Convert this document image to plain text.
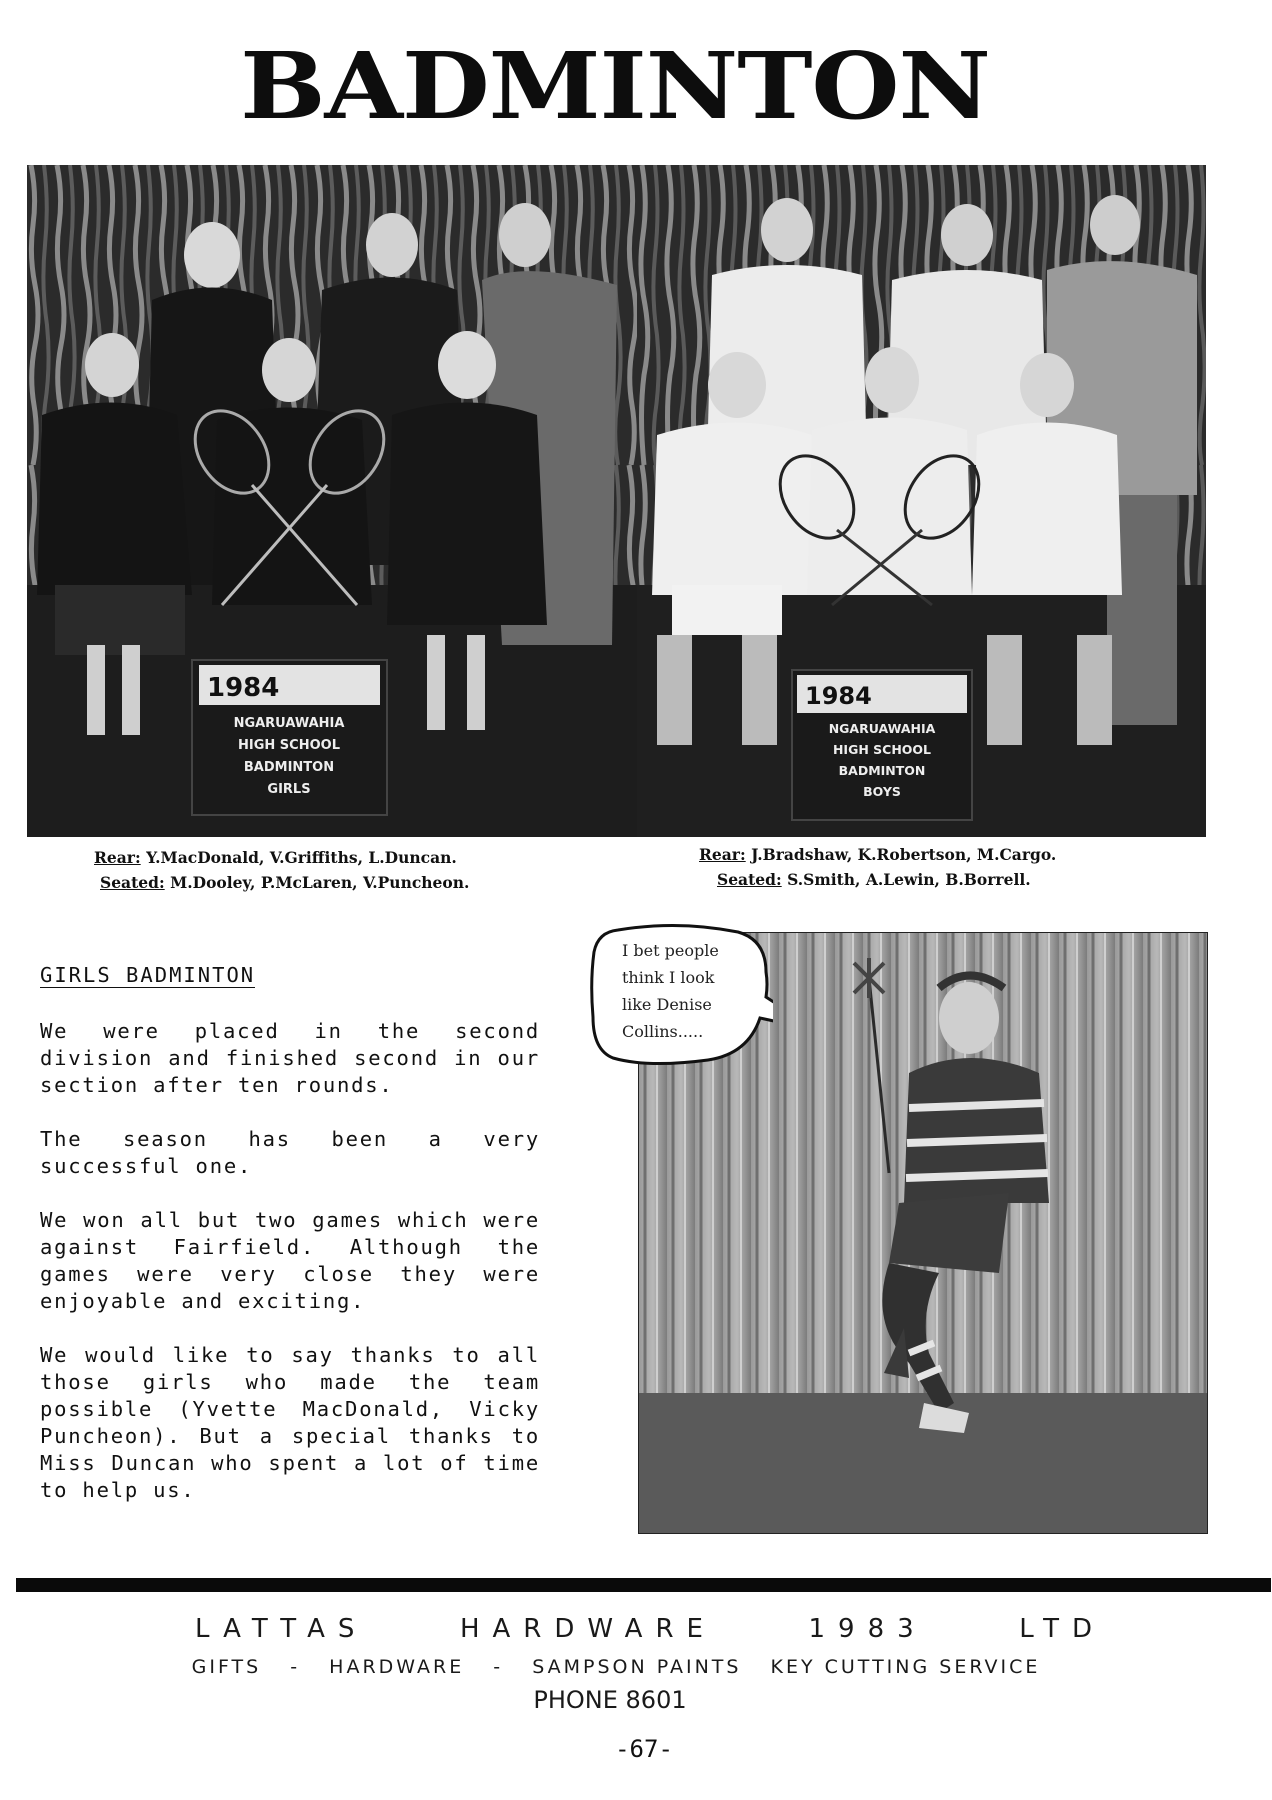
BADMINTON
1984
NGARUAWAHIA
HIGH SCHOOL
BADMINTON
GIRLS
1984
NGARUAWAHIA
HIGH SCHOOL
BADMINTON
BOYS
Rear: Y.MacDonald, V.Griffiths, L.Duncan.
Seated: M.Dooley, P.McLaren, V.Puncheon.
Rear: J.Bradshaw, K.Robertson, M.Cargo.
Seated: S.Smith, A.Lewin, B.Borrell.
GIRLS BADMINTON

We were placed in the second division and finished second in our section after ten rounds.

The season has been a very successful one.

We won all but two games which were against Fairfield. Although the games were very close they were enjoyable and exciting.

We would like to say thanks to all those girls who made the team possible (Yvette MacDonald, Vicky Puncheon). But a special thanks to Miss Duncan who spent a lot of time to help us.

I bet people
think I look
like Denise
Collins.....
LATTAS	HARDWARE	1983	LTD
GIFTS - HARDWARE - SAMPSON PAINTS KEY CUTTING SERVICE
PHONE 8601
-67-
